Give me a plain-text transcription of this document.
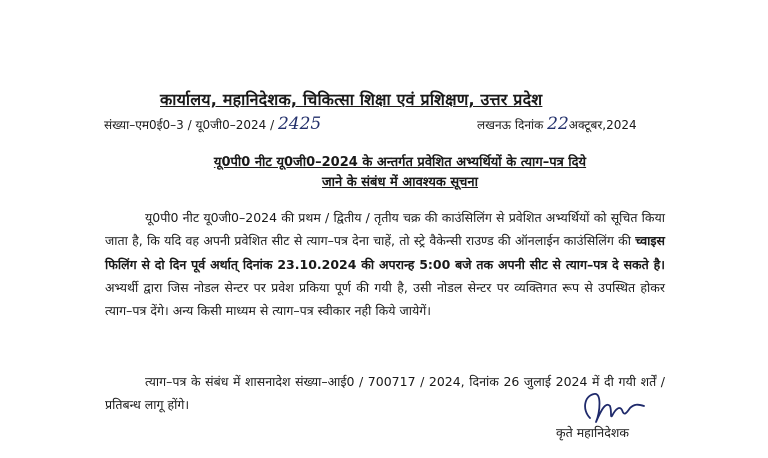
कार्यालय, महानिदेशक, चिकित्सा शिक्षा एवं प्रशिक्षण, उत्तर प्रदेश
संख्या–एम0ई0–3 / यू0जी0–2024 / 2425	लखनऊ दिनांक 22अक्टूबर,2024
यू0पी0 नीट यू0जी0–2024 के अन्तर्गत प्रवेशित अभ्यर्थियों के त्याग–पत्र दिये
जाने के संबंध में आवश्यक सूचना
यू0पी0 नीट यू0जी0–2024 की प्रथम / द्वितीय / तृतीय चक्र की काउंसिलिंग से प्रवेशित अभ्यर्थियों को सूचित किया जाता है, कि यदि वह अपनी प्रवेशित सीट से त्याग–पत्र देना चाहें, तो स्ट्रे वैकेन्सी राउण्ड की ऑनलाईन काउंसिलिंग की च्वाइस फिलिंग से दो दिन पूर्व अर्थात् दिनांक 23.10.2024 की अपरान्ह 5:00 बजे तक अपनी सीट से त्याग–पत्र दे सकते है। अभ्यर्थी द्वारा जिस नोडल सेन्टर पर प्रवेश प्रकिया पूर्ण की गयी है, उसी नोडल सेन्टर पर व्यक्तिगत रूप से उपस्थित होकर त्याग–पत्र देंगे। अन्य किसी माध्यम से त्याग–पत्र स्वीकार नही किये जायेगें।
त्याग–पत्र के संबंध में शासनादेश संख्या–आई0 / 700717 / 2024, दिनांक 26 जुलाई 2024 में दी गयी शर्तें / प्रतिबन्ध लागू होंगे।
कृते महानिदेशक
